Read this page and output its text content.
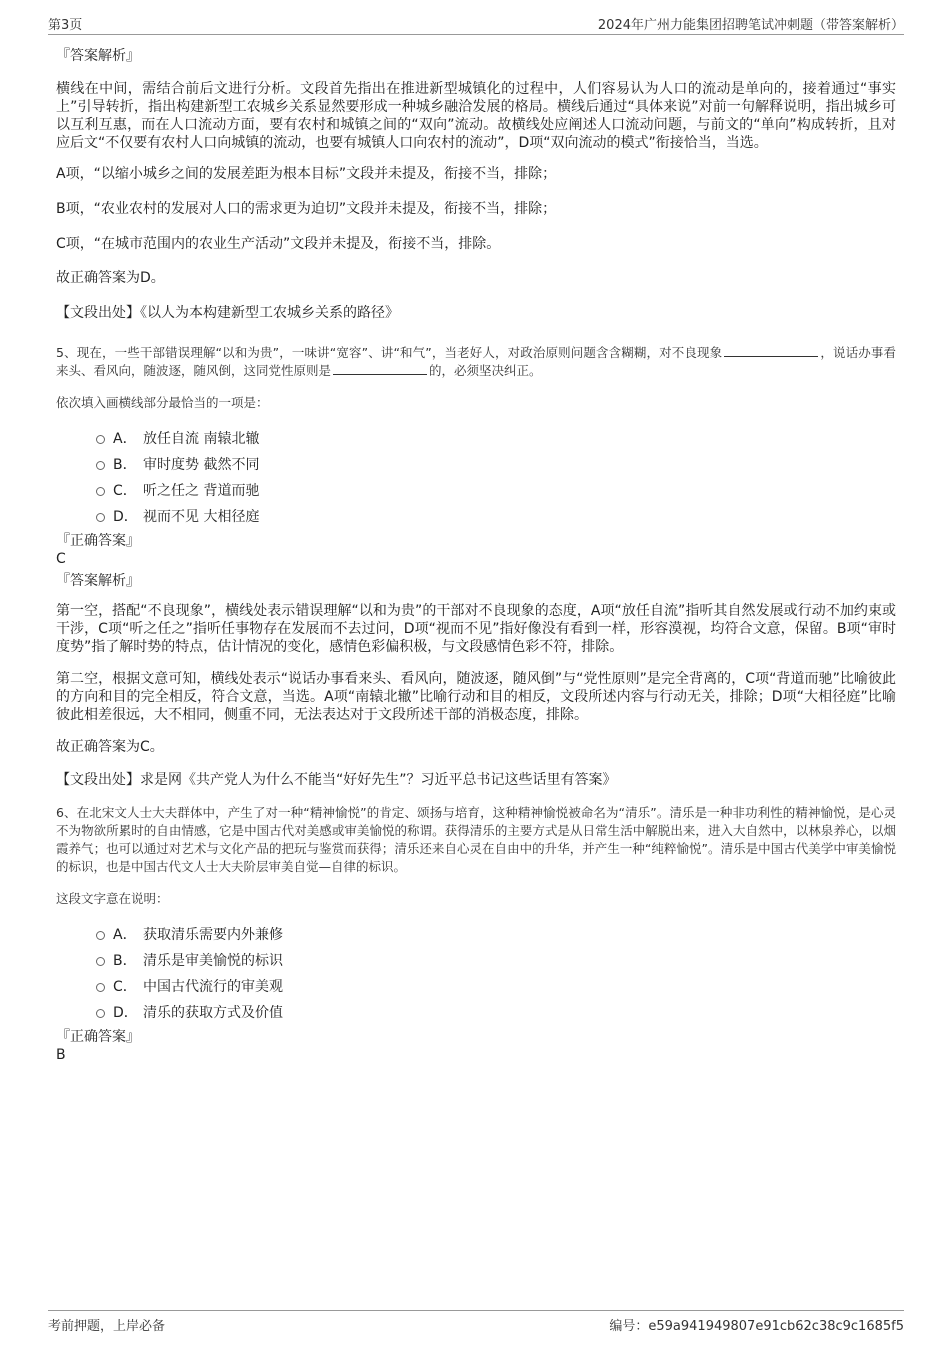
第3页	2024年广州力能集团招聘笔试冲刺题（带答案解析）
『答案解析』
横线在中间，需结合前后文进行分析。文段首先指出在推进新型城镇化的过程中，人们容易认为人口的流动是单向的，接着通过“事实上”引导转折，指出构建新型工农城乡关系显然要形成一种城乡融洽发展的格局。横线后通过“具体来说”对前一句解释说明，指出城乡可以互利互惠，而在人口流动方面，要有农村和城镇之间的“双向”流动。故横线处应阐述人口流动问题，与前文的“单向”构成转折，且对应后文“不仅要有农村人口向城镇的流动，也要有城镇人口向农村的流动”，D项“双向流动的模式”衔接恰当，当选。
A项，“以缩小城乡之间的发展差距为根本目标”文段并未提及，衔接不当，排除；
B项，“农业农村的发展对人口的需求更为迫切”文段并未提及，衔接不当，排除；
C项，“在城市范围内的农业生产活动”文段并未提及，衔接不当，排除。
故正确答案为D。
【文段出处】《以人为本构建新型工农城乡关系的路径》
5、现在，一些干部错误理解“以和为贵”，一味讲“宽容”、讲“和气”，当老好人，对政治原则问题含含糊糊，对不良现象	，说话办事看来头、看风向，随波逐，随风倒，这同党性原则是	的，必须坚决纠正。
依次填入画横线部分最恰当的一项是：
A． 放任自流 南辕北辙
B． 审时度势 截然不同
C． 听之任之 背道而驰
D． 视而不见 大相径庭
『正确答案』
C
『答案解析』
第一空，搭配“不良现象”，横线处表示错误理解“以和为贵”的干部对不良现象的态度，A项“放任自流”指听其自然发展或行动不加约束或干涉，C项“听之任之”指听任事物存在发展而不去过问，D项“视而不见”指好像没有看到一样，形容漠视，均符合文意，保留。B项“审时度势”指了解时势的特点，估计情况的变化，感情色彩偏积极，与文段感情色彩不符，排除。
第二空，根据文意可知，横线处表示“说话办事看来头、看风向，随波逐，随风倒”与“党性原则”是完全背离的，C项“背道而驰”比喻彼此的方向和目的完全相反，符合文意，当选。A项“南辕北辙”比喻行动和目的相反，文段所述内容与行动无关，排除；D项“大相径庭”比喻彼此相差很远，大不相同，侧重不同，无法表达对于文段所述干部的消极态度，排除。
故正确答案为C。
【文段出处】求是网《共产党人为什么不能当“好好先生”？习近平总书记这些话里有答案》
6、在北宋文人士大夫群体中，产生了对一种“精神愉悦”的肯定、颂扬与培育，这种精神愉悦被命名为“清乐”。清乐是一种非功利性的精神愉悦，是心灵不为物欲所累时的自由情感，它是中国古代对美感或审美愉悦的称谓。获得清乐的主要方式是从日常生活中解脱出来，进入大自然中，以林泉养心，以烟霞养气；也可以通过对艺术与文化产品的把玩与鉴赏而获得；清乐还来自心灵在自由中的升华，并产生一种“纯粹愉悦”。清乐是中国古代美学中审美愉悦的标识，也是中国古代文人士大夫阶层审美自觉—自律的标识。
这段文字意在说明：
A． 获取清乐需要内外兼修
B． 清乐是审美愉悦的标识
C． 中国古代流行的审美观
D． 清乐的获取方式及价值
『正确答案』
B
考前押题，上岸必备	编号：e59a941949807e91cb62c38c9c1685f5
